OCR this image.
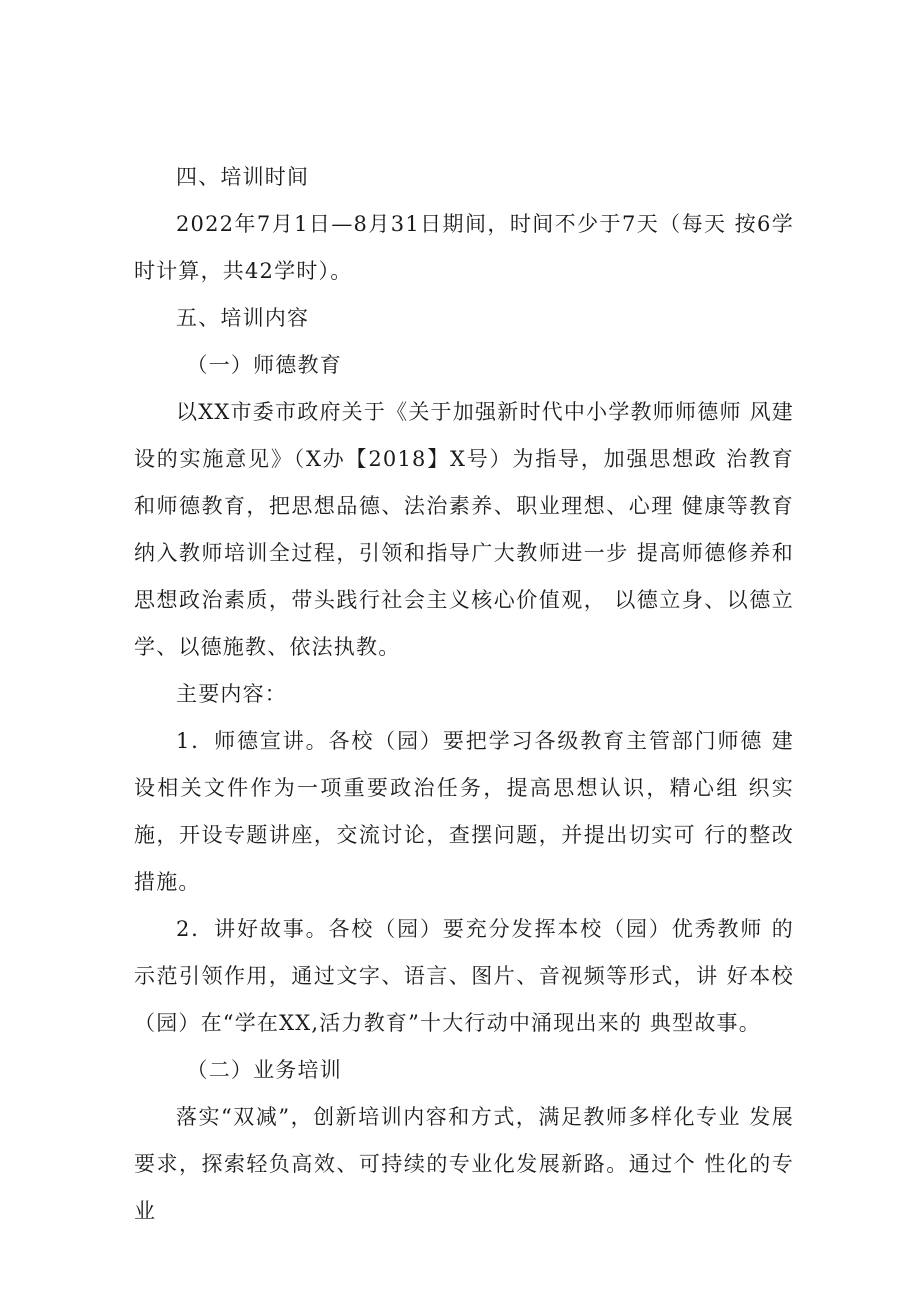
四、培训时间

2022年7月1日—8月31日期间，时间不少于7天（每天 按6学时计算，共42学时）。

五、培训内容

（一）师德教育

以XX市委市政府关于《关于加强新时代中小学教师师德师 风建设的实施意见》（X办【2018】X号）为指导，加强思想政 治教育和师德教育，把思想品德、法治素养、职业理想、心理 健康等教育纳入教师培训全过程，引领和指导广大教师进一步 提高师德修养和思想政治素质，带头践行社会主义核心价值观， 以德立身、以德立学、以德施教、依法执教。

主要内容：

1．师德宣讲。各校（园）要把学习各级教育主管部门师德 建设相关文件作为一项重要政治任务，提高思想认识，精心组 织实施，开设专题讲座，交流讨论，查摆问题，并提出切实可 行的整改措施。

2．讲好故事。各校（园）要充分发挥本校（园）优秀教师 的示范引领作用，通过文字、语言、图片、音视频等形式，讲 好本校（园）在“学在XX,活力教育”十大行动中涌现出来的 典型故事。

（二）业务培训

落实“双减”，创新培训内容和方式，满足教师多样化专业 发展要求，探索轻负高效、可持续的专业化发展新路。通过个 性化的专业
